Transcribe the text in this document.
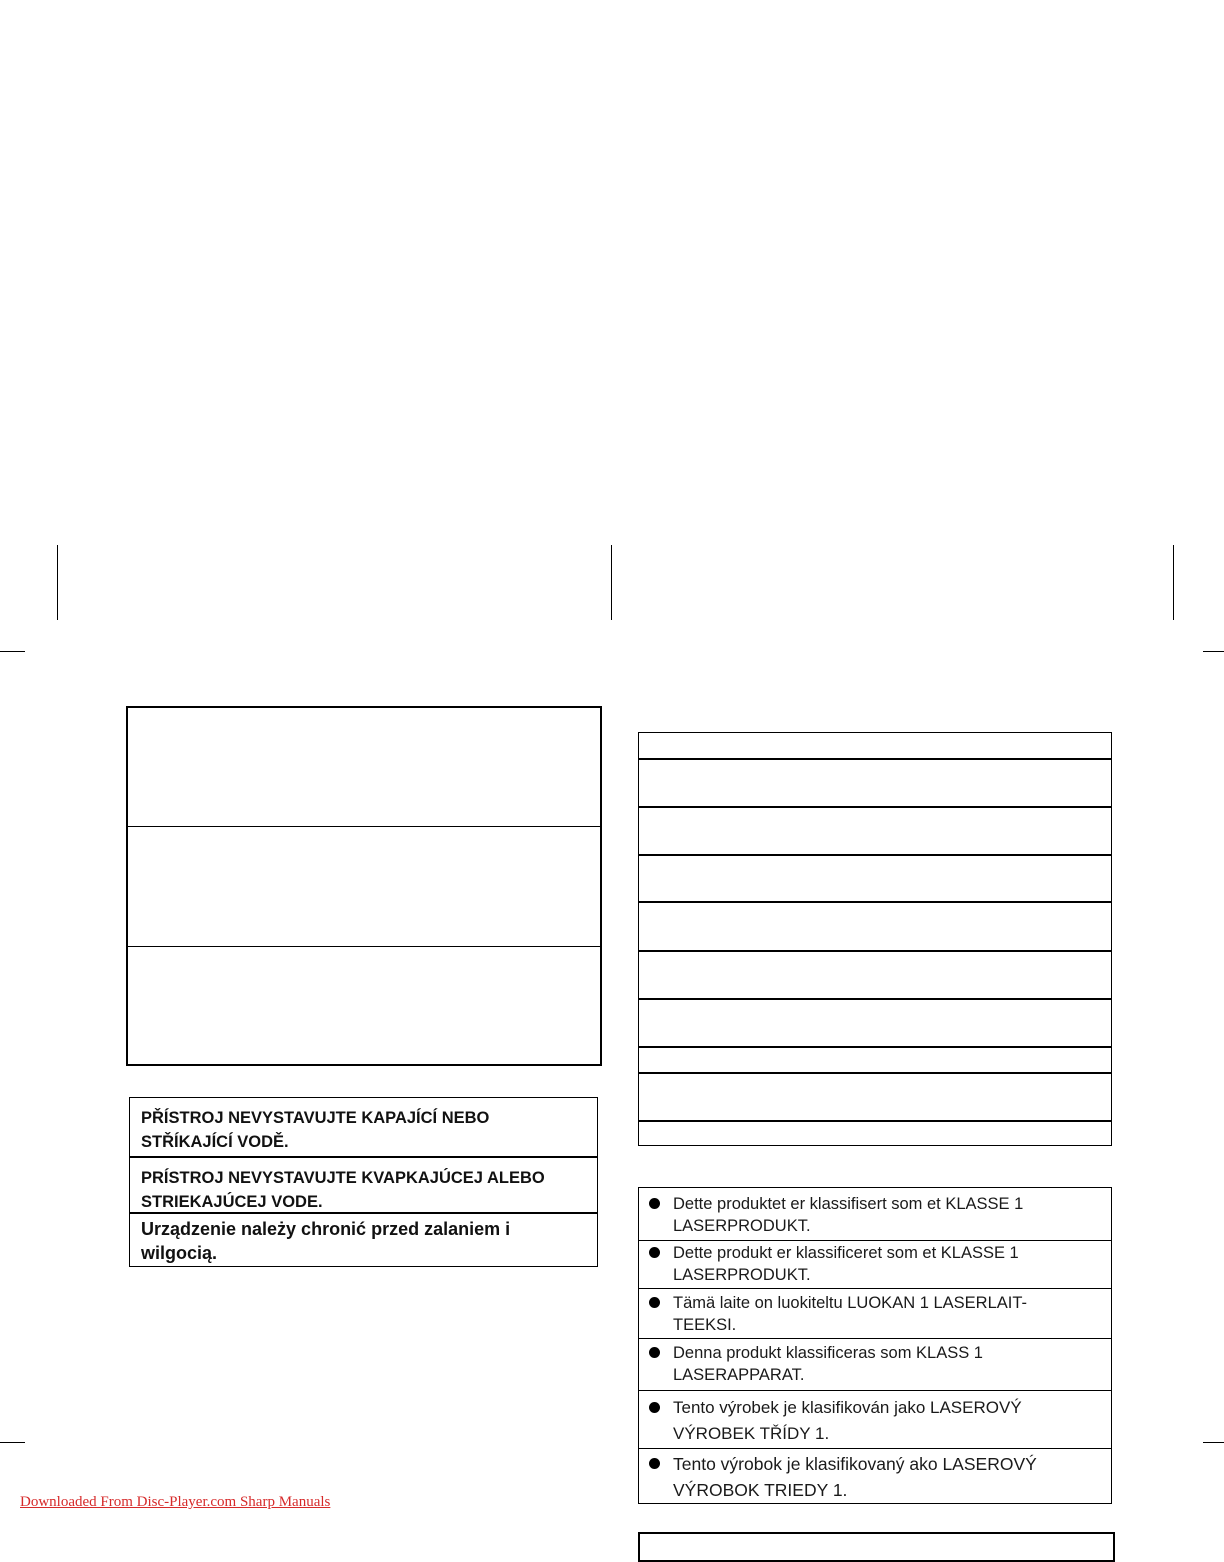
PŘÍSTROJ NEVYSTAVUJTE KAPAJÍCÍ NEBO STŘÍKAJÍCÍ VODĚ.
PRÍSTROJ NEVYSTAVUJTE KVAPKAJÚCEJ ALEBO STRIEKAJÚCEJ VODE.
Urządzenie należy chronić przed zalaniem i wilgocią.
Dette produktet er klassifisert som et KLASSE 1 LASERPRODUKT.
Dette produkt er klassificeret som et KLASSE 1 LASERPRODUKT.
Tämä laite on luokiteltu LUOKAN 1 LASERLAIT-TEEKSI.
Denna produkt klassificeras som KLASS 1 LASERAPPARAT.
Tento výrobek je klasifikován jako LASEROVÝ VÝROBEK TŘÍDY 1.
Tento výrobok je klasifikovaný ako LASEROVÝ VÝROBOK TRIEDY 1.
Downloaded From Disc-Player.com Sharp Manuals
